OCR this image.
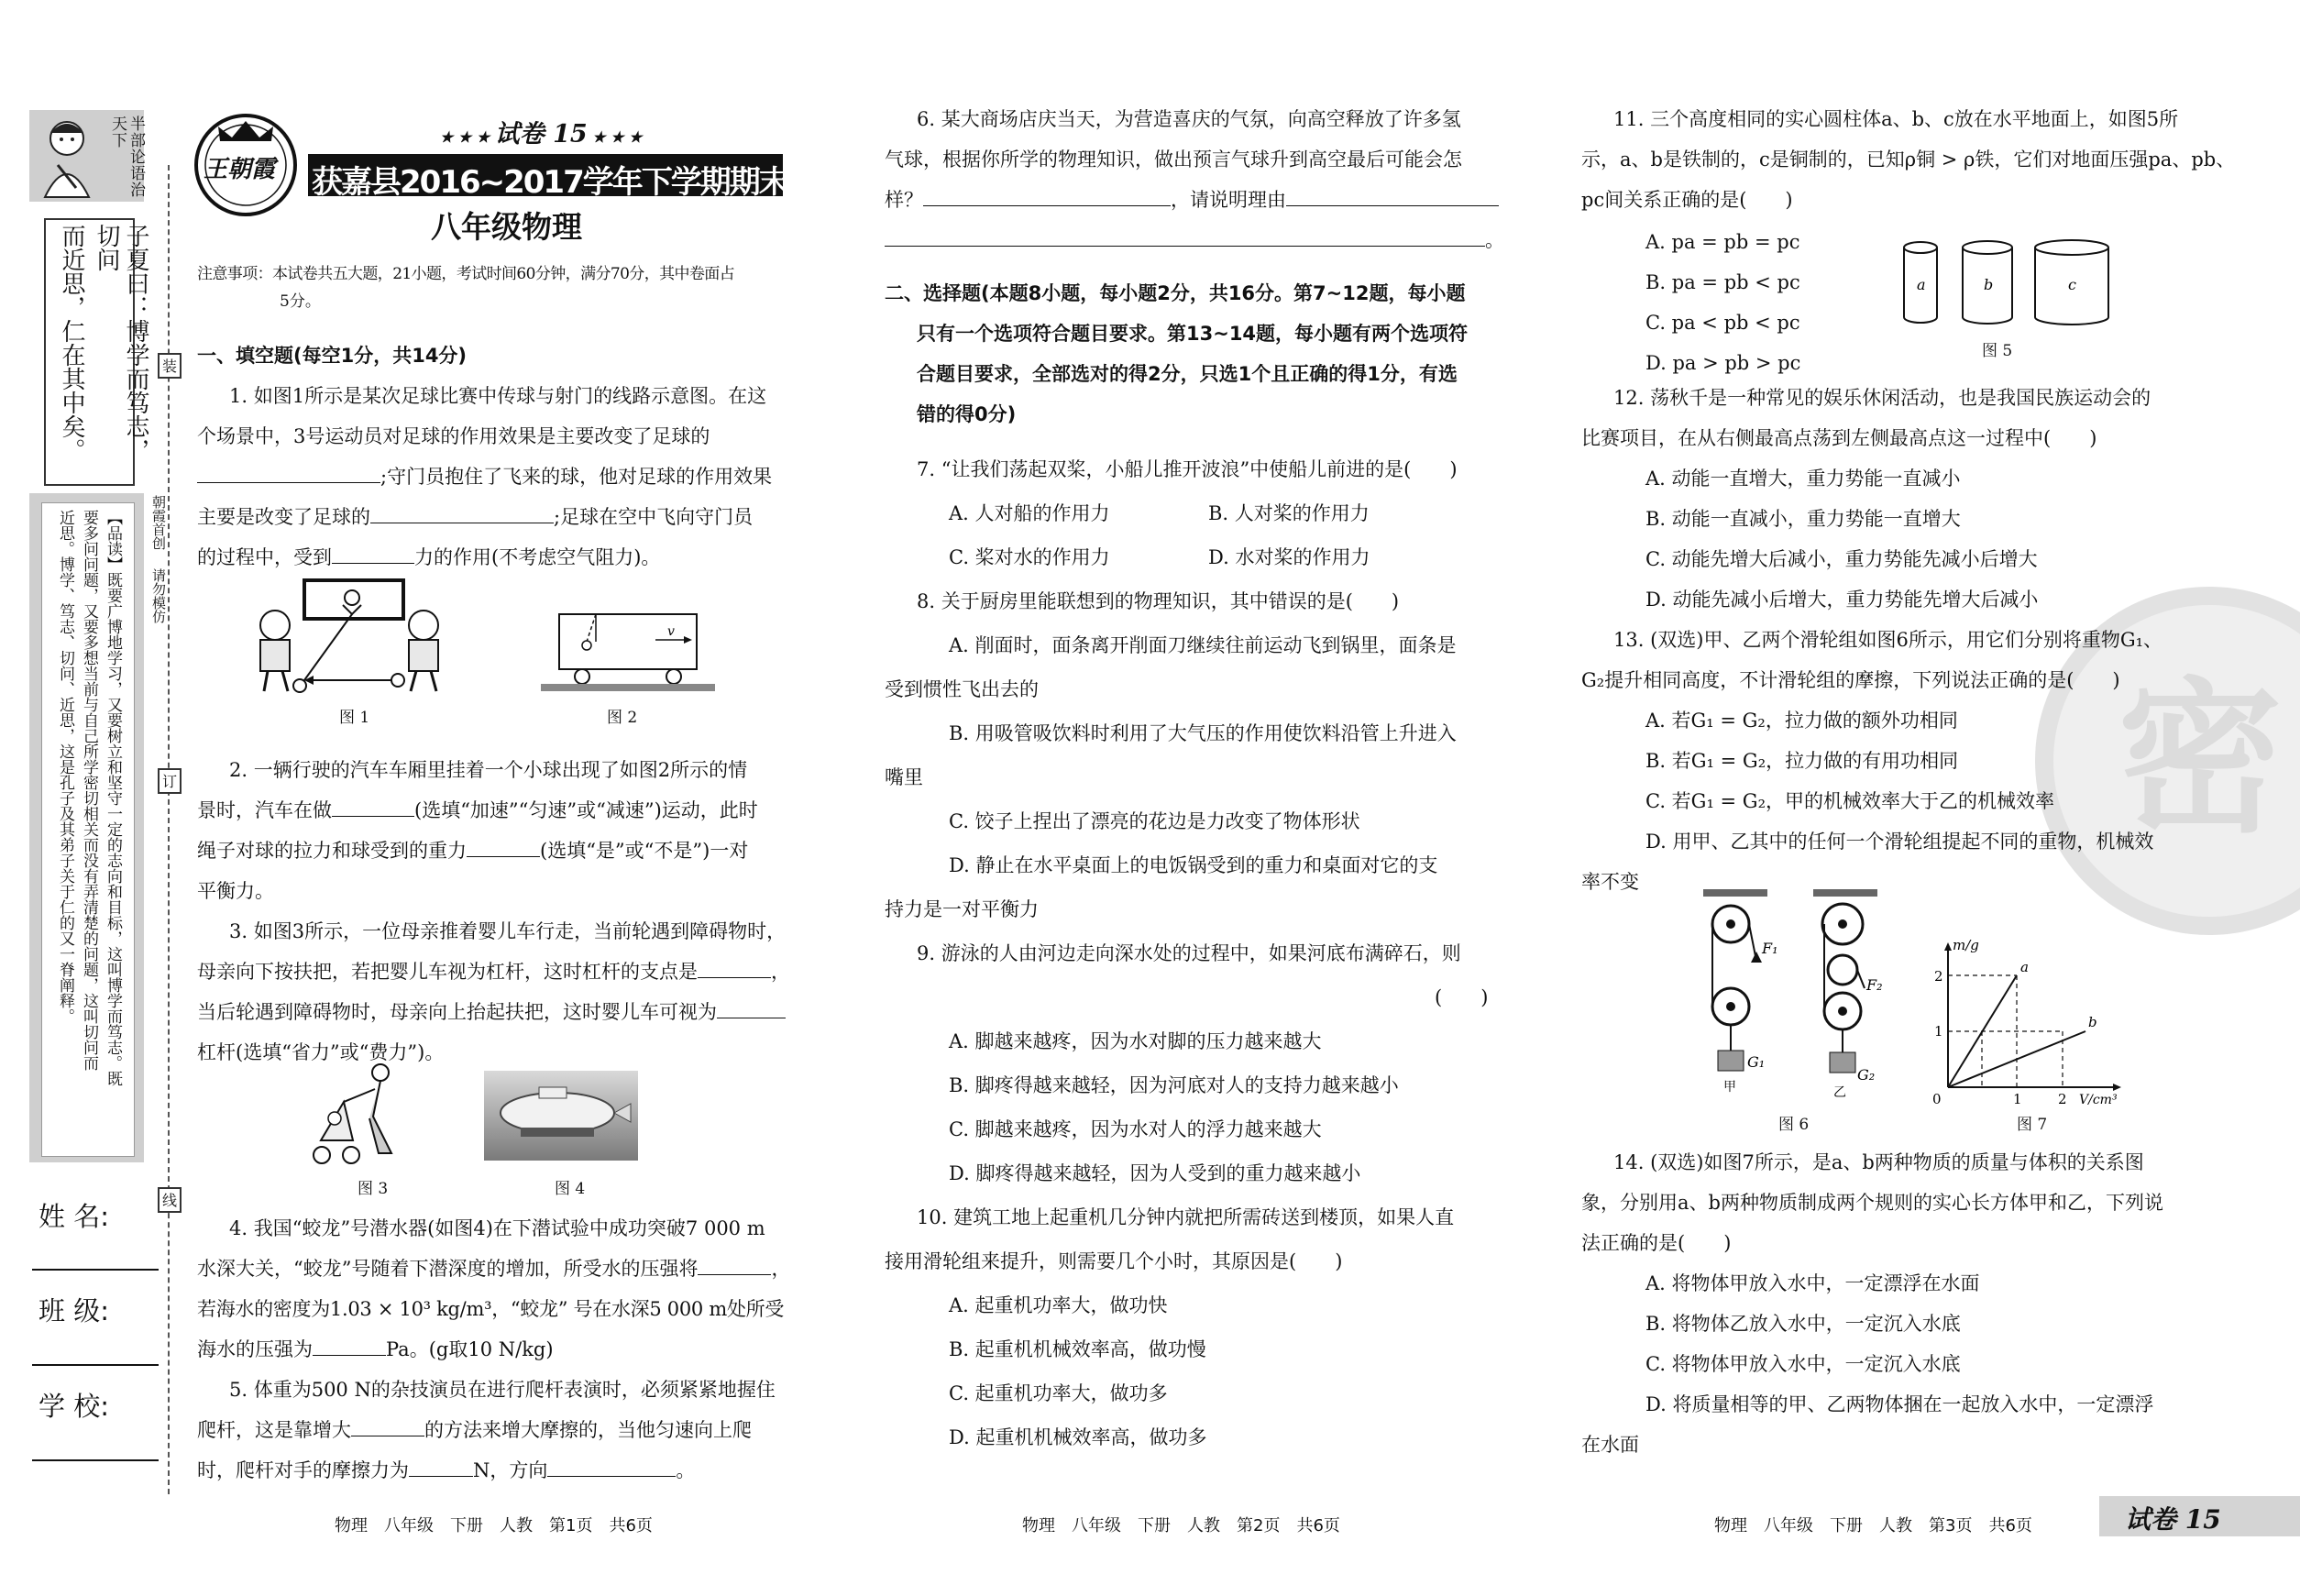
半部论语治天下
子夏曰：博学而笃志，切问
而近思，仁在其中矣。
【品读】既要广博地学习，又要树立和坚守一定的志向和目标，这叫博学而笃志。既
要多问问题，又要多想当前与自己所学密切相关而没有弄清楚的问题，这叫切问而
近思。博学、笃志、切问、近思，这是孔子及其弟子关于仁的又一脊阐释。	朝霞首创
请勿模仿
装
订
线
姓 名:
班 级:
学 校:
王朝霞
★ ★ ★ 试卷 15 ★ ★ ★
获嘉县2016~2017学年下学期期末试卷
八年级物理
注意事项：本试卷共五大题，21小题，考试时间60分钟，满分70分，其中卷面占
5分。
一、填空题(每空1分，共14分)
1. 如图1所示是某次足球比赛中传球与射门的线路示意图。在这
个场景中，3号运动员对足球的作用效果是主要改变了足球的
;守门员抱住了飞来的球，他对足球的作用效果
主要是改变了足球的	;足球在空中飞向守门员
的过程中，受到	力的作用(不考虑空气阻力)。
图 1
v
图 2
2. 一辆行驶的汽车车厢里挂着一个小球出现了如图2所示的情
景时，汽车在做	(选填“加速”“匀速”或“减速”)运动，此时
绳子对球的拉力和球受到的重力	(选填“是”或“不是”)一对
平衡力。
3. 如图3所示，一位母亲推着婴儿车行走，当前轮遇到障碍物时，
母亲向下按扶把，若把婴儿车视为杠杆，这时杠杆的支点是	，
当后轮遇到障碍物时，母亲向上抬起扶把，这时婴儿车可视为
杠杆(选填“省力”或“费力”)。
图 3	图 4
4. 我国“蛟龙”号潜水器(如图4)在下潜试验中成功突破7 000 m
水深大关，“蛟龙”号随着下潜深度的增加，所受水的压强将	，
若海水的密度为1.03 × 10³ kg/m³，“蛟龙” 号在水深5 000 m处所受
海水的压强为	Pa。(g取10 N/kg)
5. 体重为500 N的杂技演员在进行爬杆表演时，必须紧紧地握住
爬杆，这是靠增大	的方法来增大摩擦的，当他匀速向上爬
时，爬杆对手的摩擦力为	N，方向	。
物理　八年级　下册　人教　第1页　共6页
6. 某大商场店庆当天，为营造喜庆的气氛，向高空释放了许多氢
气球，根据你所学的物理知识，做出预言气球升到高空最后可能会怎
样？	，请说明理由
。
二、选择题(本题8小题，每小题2分，共16分。第7~12题，每小题
只有一个选项符合题目要求。第13~14题，每小题有两个选项符
合题目要求，全部选对的得2分，只选1个且正确的得1分，有选
错的得0分)
7. “让我们荡起双桨，小船儿推开波浪”中使船儿前进的是(　　)
A. 人对船的作用力	B. 人对桨的作用力
C. 桨对水的作用力	D. 水对桨的作用力
8. 关于厨房里能联想到的物理知识，其中错误的是(　　)
A. 削面时，面条离开削面刀继续往前运动飞到锅里，面条是
受到惯性飞出去的
B. 用吸管吸饮料时利用了大气压的作用使饮料沿管上升进入
嘴里
C. 饺子上捏出了漂亮的花边是力改变了物体形状
D. 静止在水平桌面上的电饭锅受到的重力和桌面对它的支
持力是一对平衡力
9. 游泳的人由河边走向深水处的过程中，如果河底布满碎石，则
(　　)
A. 脚越来越疼，因为水对脚的压力越来越大
B. 脚疼得越来越轻，因为河底对人的支持力越来越小
C. 脚越来越疼，因为水对人的浮力越来越大
D. 脚疼得越来越轻，因为人受到的重力越来越小
10. 建筑工地上起重机几分钟内就把所需砖送到楼顶，如果人直
接用滑轮组来提升，则需要几个小时，其原因是(　　)
A. 起重机功率大，做功快
B. 起重机机械效率高，做功慢
C. 起重机功率大，做功多
D. 起重机机械效率高，做功多
物理　八年级　下册　人教　第2页　共6页
密
11. 三个高度相同的实心圆柱体a、b、c放在水平地面上，如图5所
示，a、b是铁制的，c是铜制的，已知ρ铜 > ρ铁，它们对地面压强pa、pb、
pc间关系正确的是(　　)
A. pa = pb = pc
B. pa = pb < pc
C. pa < pb < pc
D. pa > pb > pc
a	b	c
图 5
12. 荡秋千是一种常见的娱乐休闲活动，也是我国民族运动会的
比赛项目，在从右侧最高点荡到左侧最高点这一过程中(　　)
A. 动能一直增大，重力势能一直减小
B. 动能一直减小，重力势能一直增大
C. 动能先增大后减小，重力势能先减小后增大
D. 动能先减小后增大，重力势能先增大后减小
13. (双选)甲、乙两个滑轮组如图6所示，用它们分别将重物G₁、
G₂提升相同高度，不计滑轮组的摩擦，下列说法正确的是(　　)
A. 若G₁ = G₂，拉力做的额外功相同
B. 若G₁ = G₂，拉力做的有用功相同
C. 若G₁ = G₂，甲的机械效率大于乙的机械效率
D. 用甲、乙其中的任何一个滑轮组提起不同的重物，机械效
率不变
F₁
F₂
G₁
G₂
甲	乙
图 6
m/g
V/cm³
a
b
2
1
0	1	2
图 7
14. (双选)如图7所示，是a、b两种物质的质量与体积的关系图
象，分别用a、b两种物质制成两个规则的实心长方体甲和乙，下列说
法正确的是(　　)
A. 将物体甲放入水中，一定漂浮在水面
B. 将物体乙放入水中，一定沉入水底
C. 将物体甲放入水中，一定沉入水底
D. 将质量相等的甲、乙两物体捆在一起放入水中，一定漂浮
在水面
物理　八年级　下册　人教　第3页　共6页	试卷 15
